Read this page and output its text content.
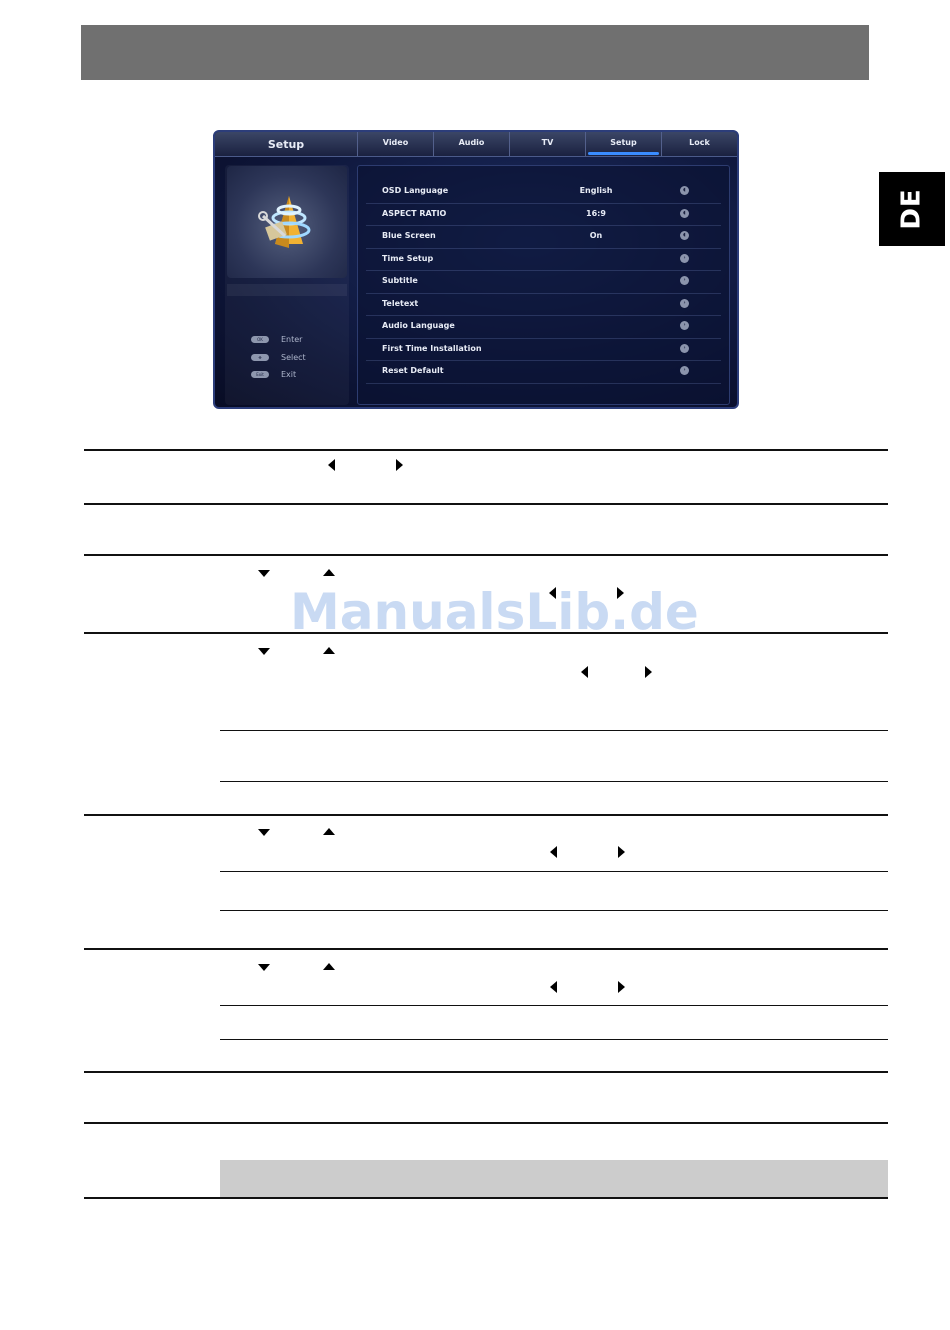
DE
Setup	Video	Audio	TV	Setup	Lock
OK	Enter
✥	Select
Exit	Exit
OSD Language	English	◖
ASPECT RATIO	16:9	◖
Blue Screen	On	◖
Time Setup	›
Subtitle	›
Teletext	›
Audio Language	›
First Time Installation	›
Reset Default	›
ManualsLib.de
